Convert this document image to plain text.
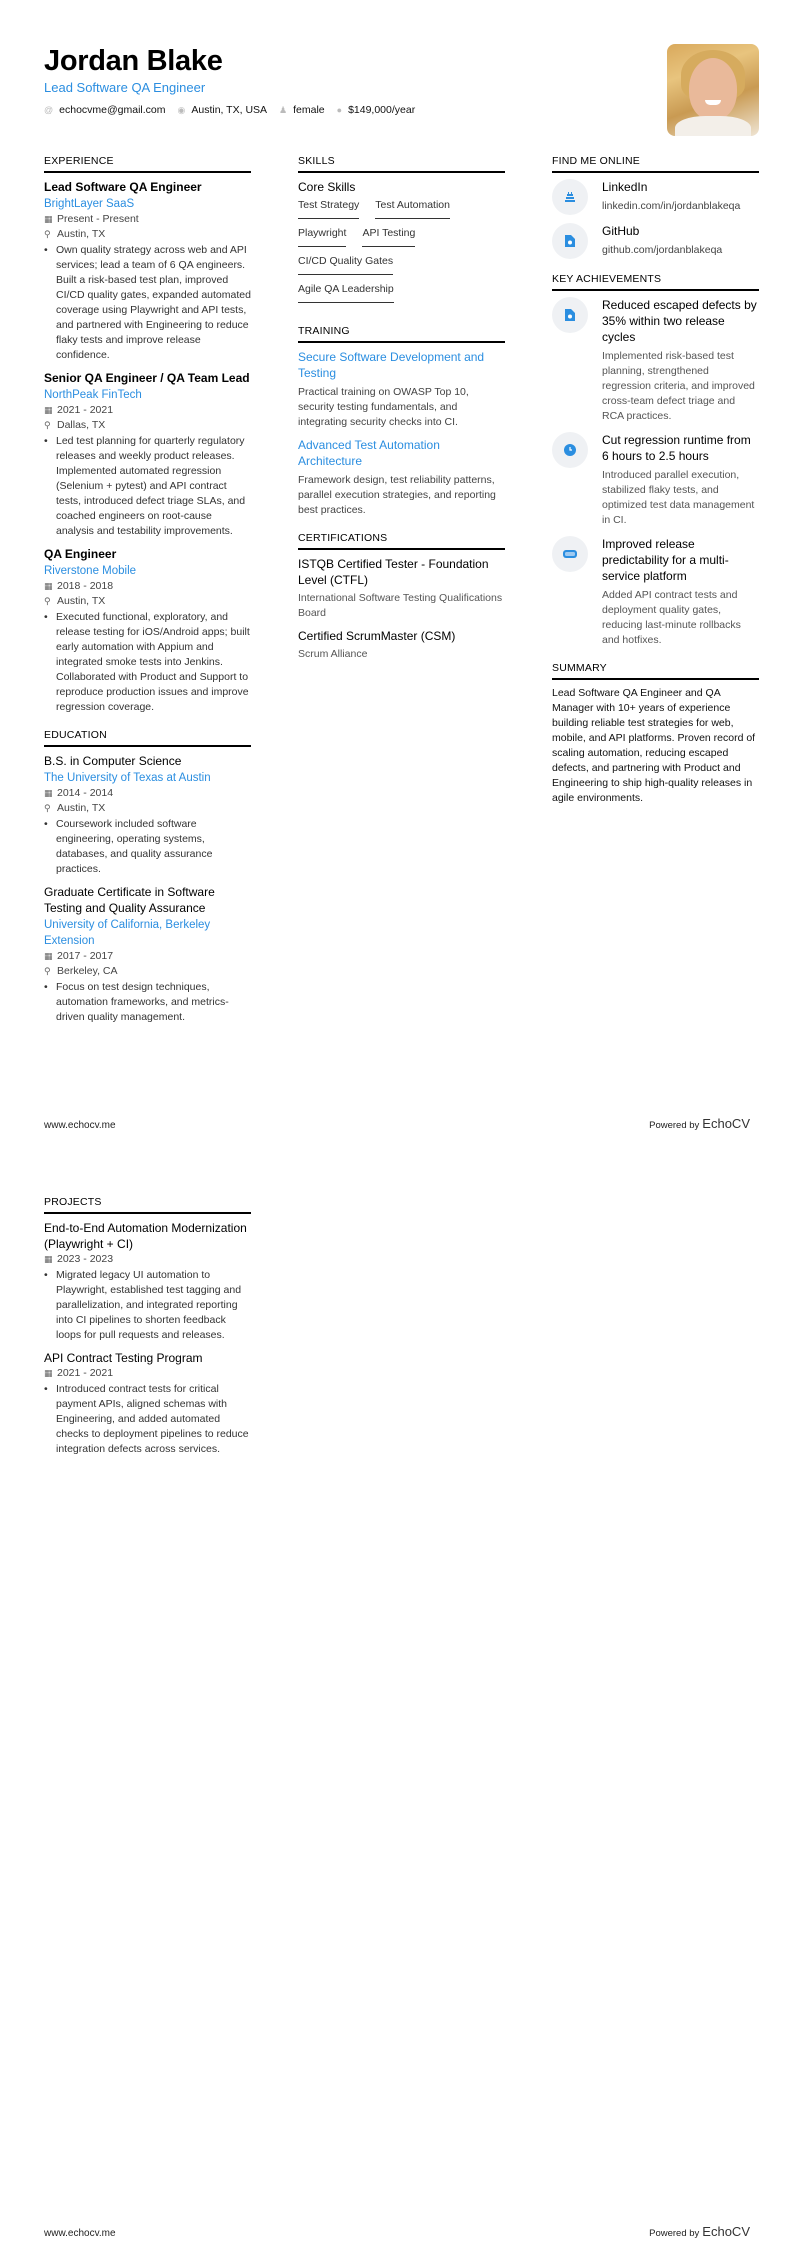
Jordan Blake
Lead Software QA Engineer
@ echocvme@gmail.com ◉ Austin, TX, USA ♟ female ● $149,000/year
EXPERIENCE
Lead Software QA Engineer
BrightLayer SaaS
▦ Present - Present
⚲ Austin, TX
• Own quality strategy across web and API services; lead a team of 6 QA engineers. Built a risk-based test plan, improved CI/CD quality gates, expanded automated coverage using Playwright and API tests, and partnered with Engineering to reduce flaky tests and improve release confidence.
Senior QA Engineer / QA Team Lead
NorthPeak FinTech
▦ 2021 - 2021
⚲ Dallas, TX
• Led test planning for quarterly regulatory releases and weekly product releases. Implemented automated regression (Selenium + pytest) and API contract tests, introduced defect triage SLAs, and coached engineers on root-cause analysis and testability improvements.
QA Engineer
Riverstone Mobile
▦ 2018 - 2018
⚲ Austin, TX
• Executed functional, exploratory, and release testing for iOS/Android apps; built early automation with Appium and integrated smoke tests into Jenkins. Collaborated with Product and Support to reproduce production issues and improve regression coverage.
EDUCATION
B.S. in Computer Science
The University of Texas at Austin
▦ 2014 - 2014
⚲ Austin, TX
• Coursework included software engineering, operating systems, databases, and quality assurance practices.
Graduate Certificate in Software Testing and Quality Assurance
University of California, Berkeley Extension
▦ 2017 - 2017
⚲ Berkeley, CA
• Focus on test design techniques, automation frameworks, and metrics-driven quality management.
SKILLS
Core Skills
Test Strategy Test Automation
Playwright API Testing
CI/CD Quality Gates
Agile QA Leadership
TRAINING
Secure Software Development and Testing
Practical training on OWASP Top 10, security testing fundamentals, and integrating security checks into CI.
Advanced Test Automation Architecture
Framework design, test reliability patterns, parallel execution strategies, and reporting best practices.
CERTIFICATIONS
ISTQB Certified Tester - Foundation Level (CTFL)
International Software Testing Qualifications Board
Certified ScrumMaster (CSM)
Scrum Alliance
FIND ME ONLINE
LinkedIn
linkedin.com/in/jordanblakeqa
GitHub
github.com/jordanblakeqa
KEY ACHIEVEMENTS
Reduced escaped defects by 35% within two release cycles
Implemented risk-based test planning, strengthened regression criteria, and improved cross-team defect triage and RCA practices.
Cut regression runtime from 6 hours to 2.5 hours
Introduced parallel execution, stabilized flaky tests, and optimized test data management in CI.
Improved release predictability for a multi-service platform
Added API contract tests and deployment quality gates, reducing last-minute rollbacks and hotfixes.
SUMMARY
Lead Software QA Engineer and QA Manager with 10+ years of experience building reliable test strategies for web, mobile, and API platforms. Proven record of scaling automation, reducing escaped defects, and partnering with Product and Engineering to ship high-quality releases in agile environments.
www.echocv.me	Powered by EchoCV
PROJECTS
End-to-End Automation Modernization (Playwright + CI)
▦ 2023 - 2023
• Migrated legacy UI automation to Playwright, established test tagging and parallelization, and integrated reporting into CI pipelines to shorten feedback loops for pull requests and releases.
API Contract Testing Program
▦ 2021 - 2021
• Introduced contract tests for critical payment APIs, aligned schemas with Engineering, and added automated checks to deployment pipelines to reduce integration defects across services.
www.echocv.me	Powered by EchoCV
